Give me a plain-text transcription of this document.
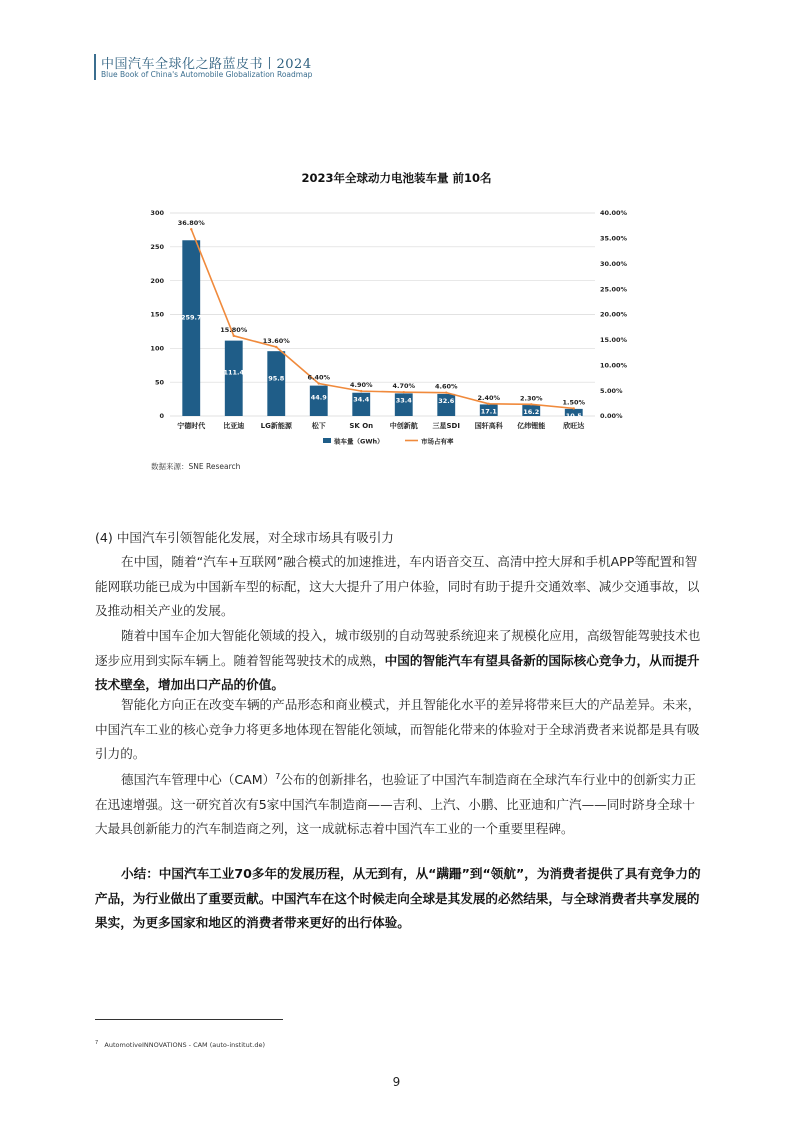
中国汽车全球化之路蓝皮书丨2024
Blue Book of China's Automobile Globalization Roadmap
2023年全球动力电池装车量 前10名
0
50
100
150
200
250
300
0.00%
5.00%
10.00%
15.00%
20.00%
25.00%
30.00%
35.00%
40.00%
259.7
宁德时代
111.4
比亚迪
95.8
LG新能源
44.9
松下
34.4
SK On
33.4
中创新航
32.6
三星SDI
17.1
国轩高科
16.2
亿纬锂能
10.5
欣旺达
36.80%
15.80%
13.60%
6.40%
4.90%	4.70%	4.60%
2.40%	2.30%
1.50%
装车量（GWh）	市场占有率
数据来源：SNE Research
(4) 中国汽车引领智能化发展，对全球市场具有吸引力
在中国，随着“汽车+互联网”融合模式的加速推进，车内语音交互、高清中控大屏和手机APP等配置和智能网联功能已成为中国新车型的标配，这大大提升了用户体验，同时有助于提升交通效率、减少交通事故，以及推动相关产业的发展。
随着中国车企加大智能化领域的投入，城市级别的自动驾驶系统迎来了规模化应用，高级智能驾驶技术也逐步应用到实际车辆上。随着智能驾驶技术的成熟，中国的智能汽车有望具备新的国际核心竞争力，从而提升技术壁垒，增加出口产品的价值。
智能化方向正在改变车辆的产品形态和商业模式，并且智能化水平的差异将带来巨大的产品差异。未来，中国汽车工业的核心竞争力将更多地体现在智能化领域，而智能化带来的体验对于全球消费者来说都是具有吸引力的。
德国汽车管理中心（CAM）$^7$公布的创新排名，也验证了中国汽车制造商在全球汽车行业中的创新实力正在迅速增强。这一研究首次有5家中国汽车制造商——吉利、上汽、小鹏、比亚迪和广汽——同时跻身全球十大最具创新能力的汽车制造商之列，这一成就标志着中国汽车工业的一个重要里程碑。
小结：中国汽车工业70多年的发展历程，从无到有，从“蹒跚”到“领航”，为消费者提供了具有竞争力的产品，为行业做出了重要贡献。中国汽车在这个时候走向全球是其发展的必然结果，与全球消费者共享发展的果实，为更多国家和地区的消费者带来更好的出行体验。
$^7$ AutomotiveINNOVATIONS - CAM (auto-institut.de)
9
